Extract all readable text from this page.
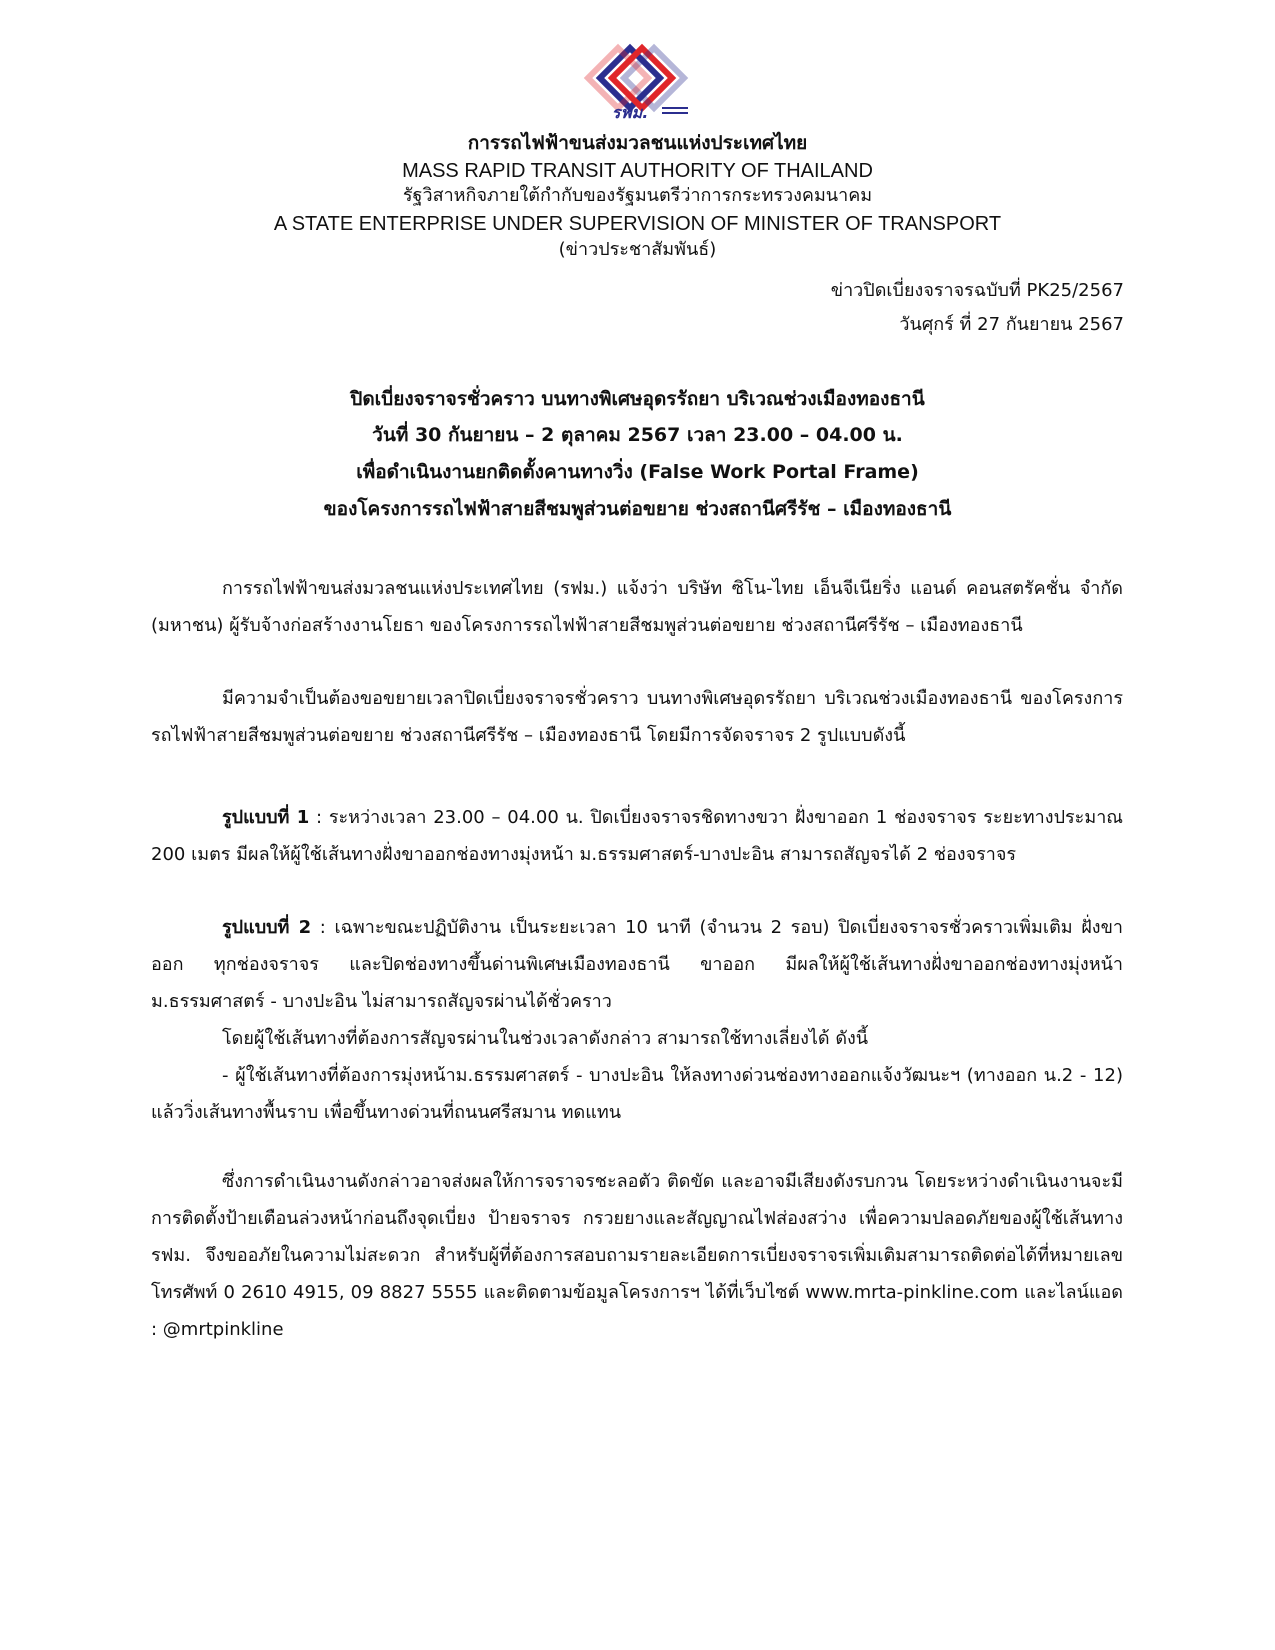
รฟม.
การรถไฟฟ้าขนส่งมวลชนแห่งประเทศไทย
MASS RAPID TRANSIT AUTHORITY OF THAILAND
รัฐวิสาหกิจภายใต้กำกับของรัฐมนตรีว่าการกระทรวงคมนาคม
A STATE ENTERPRISE UNDER SUPERVISION OF MINISTER OF TRANSPORT
(ข่าวประชาสัมพันธ์)
ข่าวปิดเบี่ยงจราจรฉบับที่ PK25/2567
วันศุกร์ ที่ 27 กันยายน 2567
ปิดเบี่ยงจราจรชั่วคราว บนทางพิเศษอุดรรัถยา บริเวณช่วงเมืองทองธานี
วันที่ 30 กันยายน – 2 ตุลาคม 2567 เวลา 23.00 – 04.00 น.
เพื่อดำเนินงานยกติดตั้งคานทางวิ่ง (False Work Portal Frame)
ของโครงการรถไฟฟ้าสายสีชมพูส่วนต่อขยาย ช่วงสถานีศรีรัช – เมืองทองธานี

การรถไฟฟ้าขนส่งมวลชนแห่งประเทศไทย (รฟม.) แจ้งว่า บริษัท ซิโน-ไทย เอ็นจีเนียริ่ง แอนด์ คอนสตรัคชั่น จำกัด (มหาชน) ผู้รับจ้างก่อสร้างงานโยธา ของโครงการรถไฟฟ้าสายสีชมพูส่วนต่อขยาย ช่วงสถานีศรีรัช – เมืองทองธานี

มีความจำเป็นต้องขอขยายเวลาปิดเบี่ยงจราจรชั่วคราว บนทางพิเศษอุดรรัถยา บริเวณช่วงเมืองทองธานี ของโครงการรถไฟฟ้าสายสีชมพูส่วนต่อขยาย ช่วงสถานีศรีรัช – เมืองทองธานี โดยมีการจัดจราจร 2 รูปแบบดังนี้

รูปแบบที่ 1 : ระหว่างเวลา 23.00 – 04.00 น. ปิดเบี่ยงจราจรชิดทางขวา ฝั่งขาออก 1 ช่องจราจร ระยะทางประมาณ 200 เมตร มีผลให้ผู้ใช้เส้นทางฝั่งขาออกช่องทางมุ่งหน้า ม.ธรรมศาสตร์-บางปะอิน สามารถสัญจรได้ 2 ช่องจราจร

รูปแบบที่ 2 : เฉพาะขณะปฏิบัติงาน เป็นระยะเวลา 10 นาที (จำนวน 2 รอบ) ปิดเบี่ยงจราจรชั่วคราวเพิ่มเติม ฝั่งขาออก ทุกช่องจราจร และปิดช่องทางขึ้นด่านพิเศษเมืองทองธานี ขาออก มีผลให้ผู้ใช้เส้นทางฝั่งขาออกช่องทางมุ่งหน้า ม.ธรรมศาสตร์ - บางปะอิน ไม่สามารถสัญจรผ่านได้ชั่วคราว

โดยผู้ใช้เส้นทางที่ต้องการสัญจรผ่านในช่วงเวลาดังกล่าว สามารถใช้ทางเลี่ยงได้ ดังนี้

- ผู้ใช้เส้นทางที่ต้องการมุ่งหน้าม.ธรรมศาสตร์ - บางปะอิน ให้ลงทางด่วนช่องทางออกแจ้งวัฒนะฯ (ทางออก น.2 - 12) แล้ววิ่งเส้นทางพื้นราบ เพื่อขึ้นทางด่วนที่ถนนศรีสมาน ทดแทน

ซึ่งการดำเนินงานดังกล่าวอาจส่งผลให้การจราจรชะลอตัว ติดขัด และอาจมีเสียงดังรบกวน โดยระหว่างดำเนินงานจะมีการติดตั้งป้ายเตือนล่วงหน้าก่อนถึงจุดเบี่ยง ป้ายจราจร กรวยยางและสัญญาณไฟส่องสว่าง เพื่อความปลอดภัยของผู้ใช้เส้นทาง รฟม. จึงขออภัยในความไม่สะดวก สำหรับผู้ที่ต้องการสอบถามรายละเอียดการเบี่ยงจราจรเพิ่มเติมสามารถติดต่อได้ที่หมายเลขโทรศัพท์ 0 2610 4915, 09 8827 5555 และติดตามข้อมูลโครงการฯ ได้ที่เว็บไซต์ www.mrta-pinkline.com และไลน์แอด : @mrtpinkline
